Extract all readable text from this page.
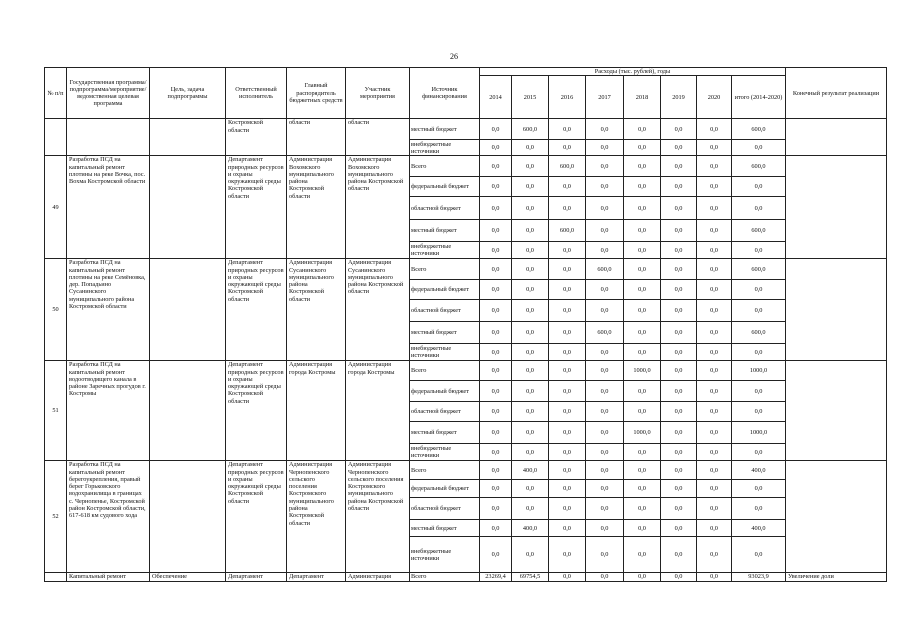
26
№ п/п	Государственная программа/подпрограмма/мероприятие/ведомственная целевая программа	Цель, задача подпрограммы	Ответственный исполнитель	Главный распорядитель бюджетных средств	Участник мероприятия	Источник финансирования	Расходы (тыс. рублей), годы								Конечный результат реализации
							2014	2015	2016	2017	2018	2019	2020	итого (2014-2020)	
			Костромской области	области	области	местный бюджет	0,0	600,0	0,0	0,0	0,0	0,0	0,0	600,0	
						внебюджетные источники	0,0	0,0	0,0	0,0	0,0	0,0	0,0	0,0	
49	Разработка ПСД на капитальный ремонт плотины на реке Вочка, пос. Вохма Костромской области		Департамент природных ресурсов и охраны окружающей среды Костромской области	Администрация Вохомского муниципального района Костромской области	Администрация Вохомского муниципального района Костромской области	Всего	0,0	0,0	600,0	0,0	0,0	0,0	0,0	600,0	
						федеральный бюджет	0,0	0,0	0,0	0,0	0,0	0,0	0,0	0,0	
						областной бюджет	0,0	0,0	0,0	0,0	0,0	0,0	0,0	0,0	
						местный бюджет	0,0	0,0	600,0	0,0	0,0	0,0	0,0	600,0	
						внебюджетные источники	0,0	0,0	0,0	0,0	0,0	0,0	0,0	0,0	
50	Разработка ПСД на капитальный ремонт плотины на реке Семёновка, дер. Попадьино Сусанинского муниципального района Костромской области		Департамент природных ресурсов и охраны окружающей среды Костромской области	Администрация Сусанинского муниципального района Костромской области	Администрация Сусанинского муниципального района Костромской области	Всего	0,0	0,0	0,0	600,0	0,0	0,0	0,0	600,0	
						федеральный бюджет	0,0	0,0	0,0	0,0	0,0	0,0	0,0	0,0	
						областной бюджет	0,0	0,0	0,0	0,0	0,0	0,0	0,0	0,0	
						местный бюджет	0,0	0,0	0,0	600,0	0,0	0,0	0,0	600,0	
						внебюджетные источники	0,0	0,0	0,0	0,0	0,0	0,0	0,0	0,0	
51	Разработка ПСД на капитальный ремонт водоотводящего канала в районе Заречных прогудов г. Костромы		Департамент природных ресурсов и охраны окружающей среды Костромской области	Администрация города Костромы	Администрация города Костромы	Всего	0,0	0,0	0,0	0,0	1000,0	0,0	0,0	1000,0	
						федеральный бюджет	0,0	0,0	0,0	0,0	0,0	0,0	0,0	0,0	
						областной бюджет	0,0	0,0	0,0	0,0	0,0	0,0	0,0	0,0	
						местный бюджет	0,0	0,0	0,0	0,0	1000,0	0,0	0,0	1000,0	
						внебюджетные источники	0,0	0,0	0,0	0,0	0,0	0,0	0,0	0,0	
52	Разработка ПСД на капитальный ремонт берегоукрепления, правый берег Горьковского водохранилища в границах с. Чернопенье, Костромской район Костромской области, 617-618 км судового хода		Департамент природных ресурсов и охраны окружающей среды Костромской области	Администрация Чернопенского сельского поселения Костромского муниципального района Костромской области	Администрация Чернопенского сельского поселения Костромского муниципального района Костромской области	Всего	0,0	400,0	0,0	0,0	0,0	0,0	0,0	400,0	
						федеральный бюджет	0,0	0,0	0,0	0,0	0,0	0,0	0,0	0,0	
						областной бюджет	0,0	0,0	0,0	0,0	0,0	0,0	0,0	0,0	
						местный бюджет	0,0	400,0	0,0	0,0	0,0	0,0	0,0	400,0	
						внебюджетные источники	0,0	0,0	0,0	0,0	0,0	0,0	0,0	0,0	
	Капитальный ремонт	Обеспечение	Департамент	Департамент	Администрация	Всего	23269,4	69754,5	0,0	0,0	0,0	0,0	0,0	93023,9	Увеличение доли
